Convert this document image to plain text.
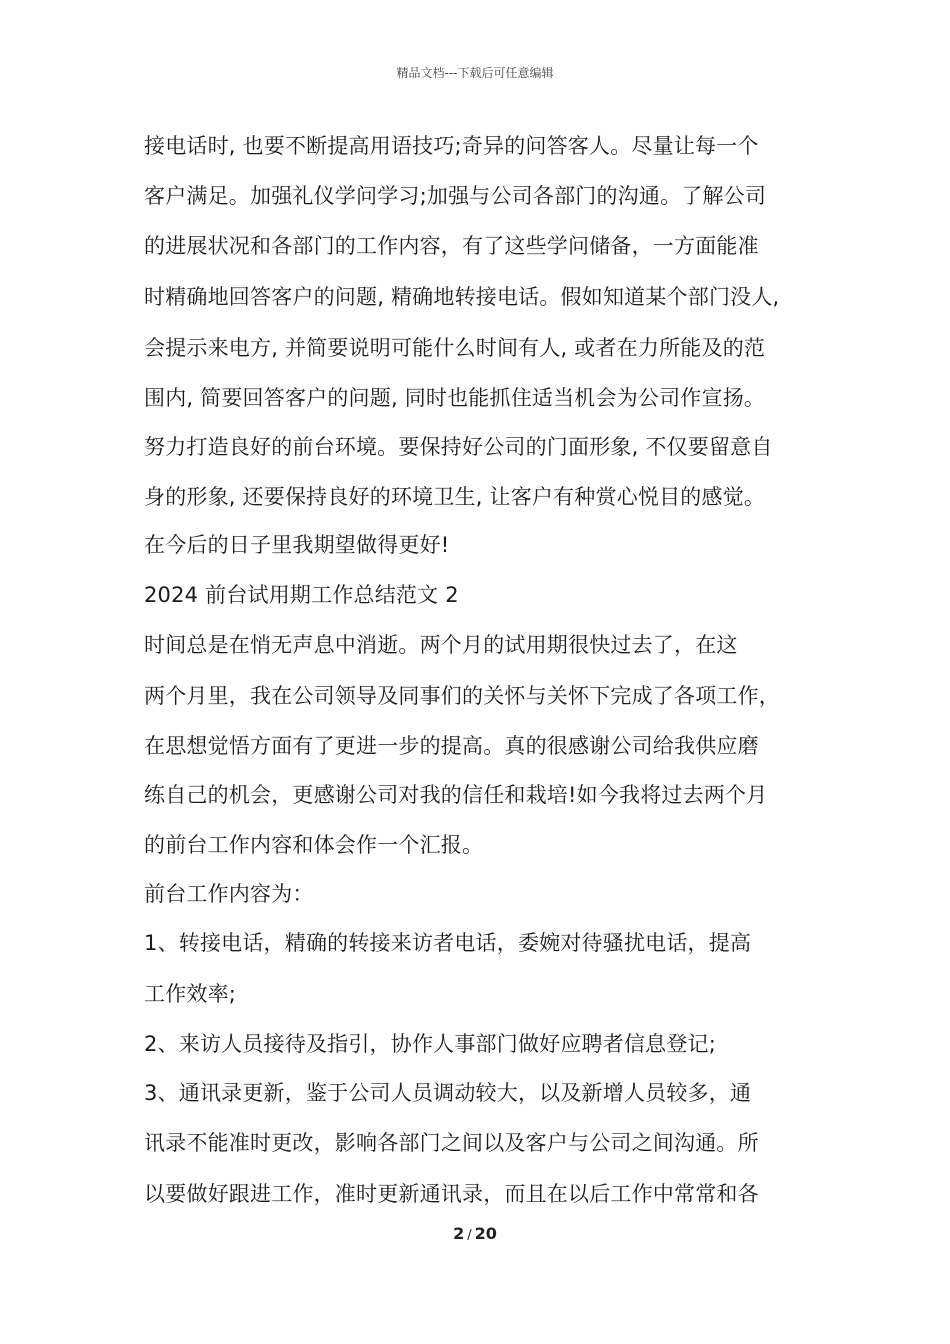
精品文档---下载后可任意编辑
接电话时, 也要不断提高用语技巧;奇异的问答客人。尽量让每一个
客户满足。加强礼仪学问学习;加强与公司各部门的沟通。了解公司
的进展状况和各部门的工作内容，有了这些学问储备，一方面能准
时精确地回答客户的问题, 精确地转接电话。假如知道某个部门没人,
会提示来电方, 并简要说明可能什么时间有人, 或者在力所能及的范
围内, 简要回答客户的问题, 同时也能抓住适当机会为公司作宣扬。
努力打造良好的前台环境。要保持好公司的门面形象, 不仅要留意自
身的形象, 还要保持良好的环境卫生, 让客户有种赏心悦目的感觉。
在今后的日子里我期望做得更好!
2024 前台试用期工作总结范文 2
时间总是在悄无声息中消逝。两个月的试用期很快过去了，在这
两个月里，我在公司领导及同事们的关怀与关怀下完成了各项工作，
在思想觉悟方面有了更进一步的提高。真的很感谢公司给我供应磨
练自己的机会，更感谢公司对我的信任和栽培!如今我将过去两个月
的前台工作内容和体会作一个汇报。
前台工作内容为：
1、转接电话，精确的转接来访者电话，委婉对待骚扰电话，提高
工作效率;
2、来访人员接待及指引，协作人事部门做好应聘者信息登记;
3、通讯录更新，鉴于公司人员调动较大，以及新增人员较多，通
讯录不能准时更改，影响各部门之间以及客户与公司之间沟通。所
以要做好跟进工作，准时更新通讯录，而且在以后工作中常常和各
2 / 20
